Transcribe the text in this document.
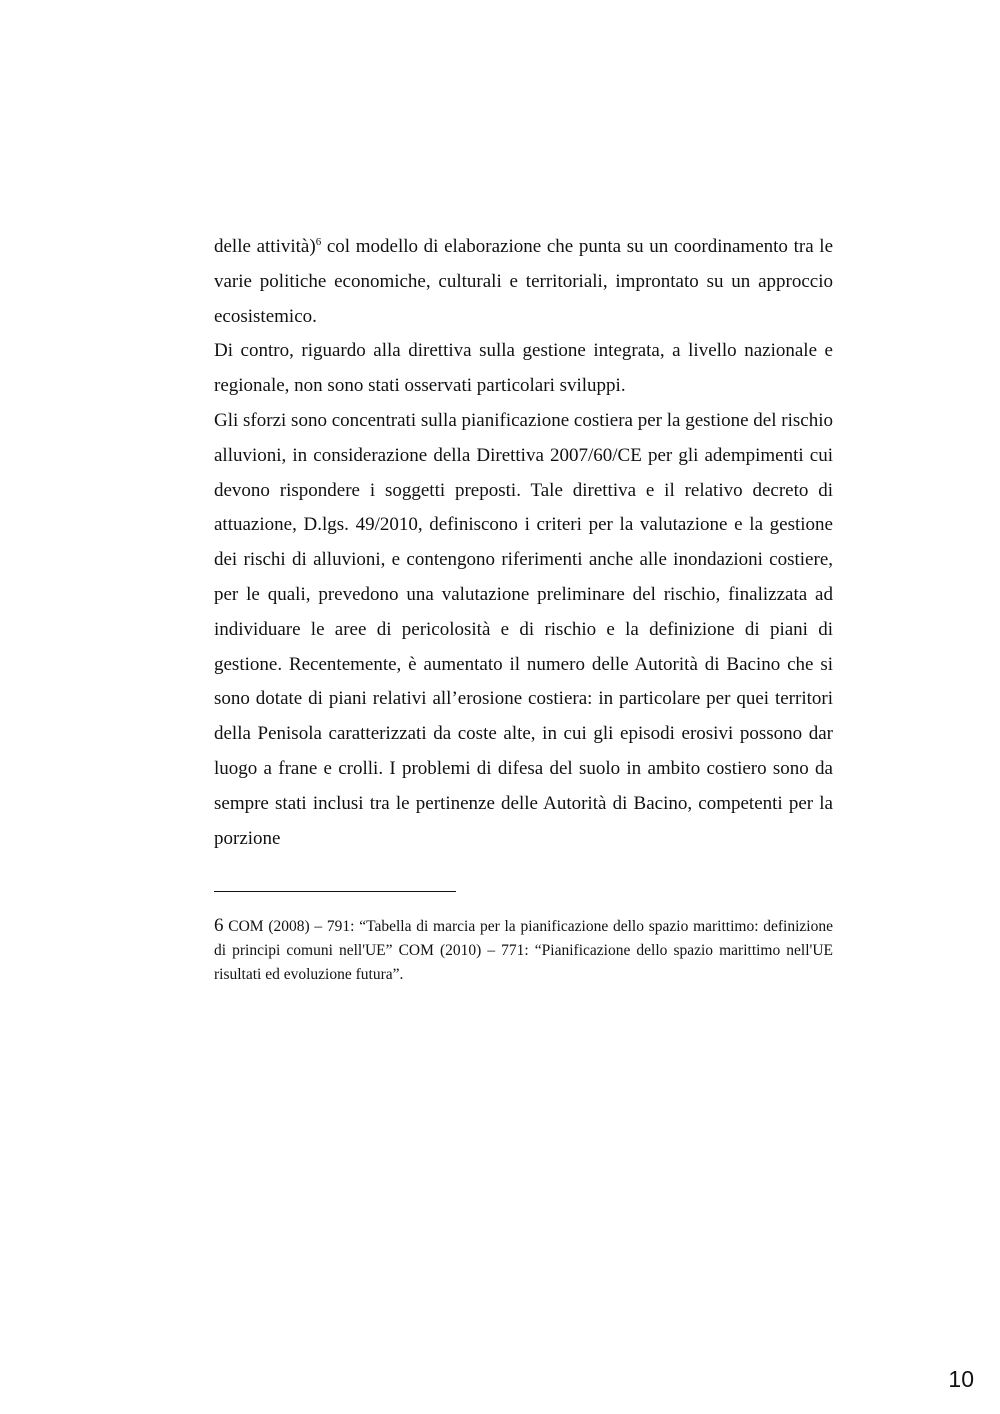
delle attività)$^6$ col modello di elaborazione che punta su un coordinamento tra le varie politiche economiche, culturali e territoriali, improntato su un approccio ecosistemico.

Di contro, riguardo alla direttiva sulla gestione integrata, a livello nazionale e regionale, non sono stati osservati particolari sviluppi.

Gli sforzi sono concentrati sulla pianificazione costiera per la gestione del rischio alluvioni, in considerazione della Direttiva 2007/60/CE per gli adempimenti cui devono rispondere i soggetti preposti. Tale direttiva e il relativo decreto di attuazione, D.lgs. 49/2010, definiscono i criteri per la valutazione e la gestione dei rischi di alluvioni, e contengono riferimenti anche alle inondazioni costiere, per le quali, prevedono una valutazione preliminare del rischio, finalizzata ad individuare le aree di pericolosità e di rischio e la definizione di piani di gestione. Recentemente, è aumentato il numero delle Autorità di Bacino che si sono dotate di piani relativi all’erosione costiera: in particolare per quei territori della Penisola caratterizzati da coste alte, in cui gli episodi erosivi possono dar luogo a frane e crolli. I problemi di difesa del suolo in ambito costiero sono da sempre stati inclusi tra le pertinenze delle Autorità di Bacino, competenti per la porzione

6 COM (2008) – 791: “Tabella di marcia per la pianificazione dello spazio marittimo: definizione di principi comuni nell'UE” COM (2010) – 771: “Pianificazione dello spazio marittimo nell'UE risultati ed evoluzione futura”.
10
